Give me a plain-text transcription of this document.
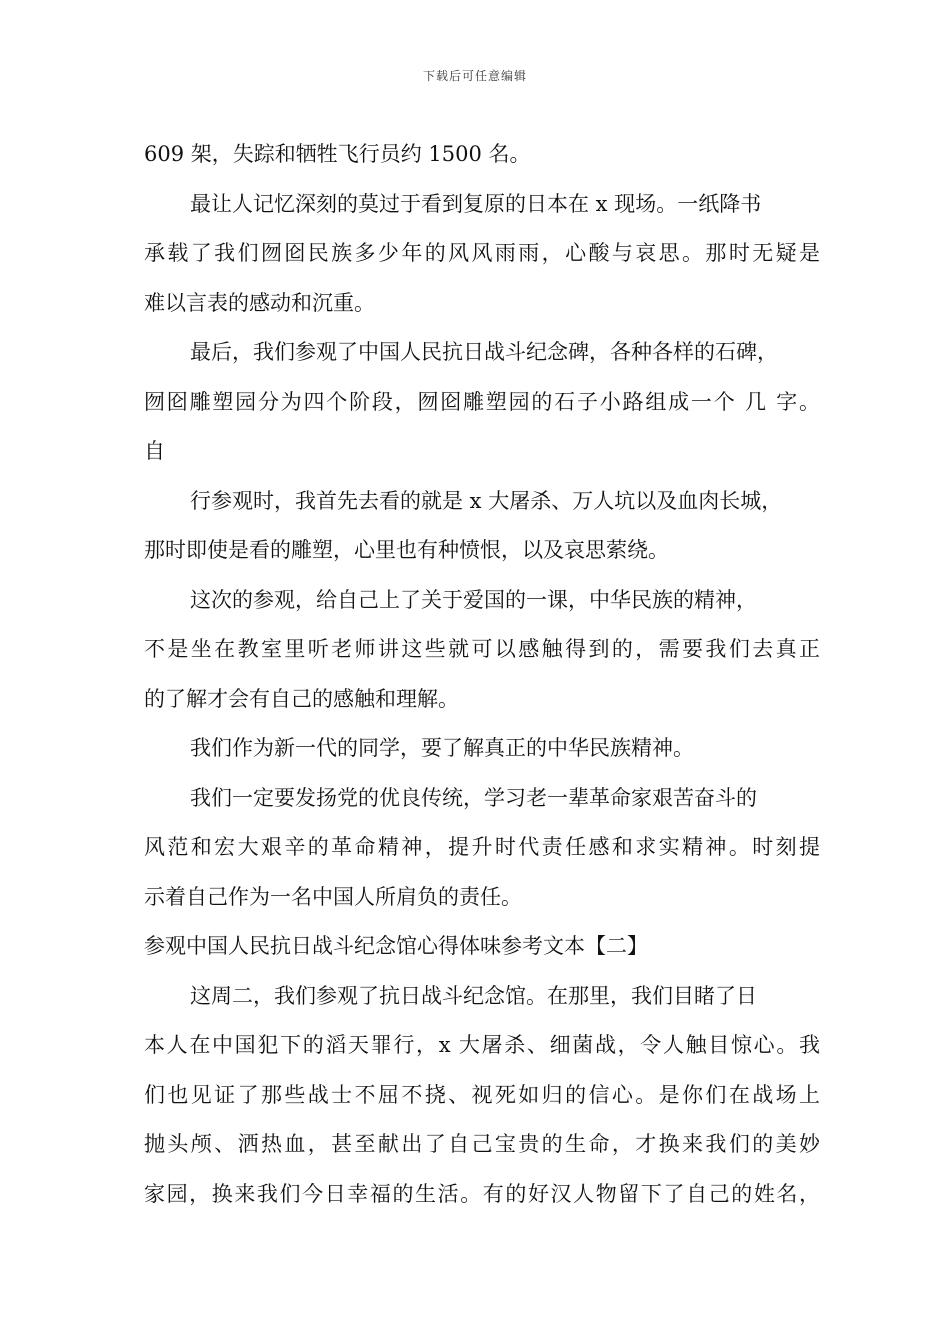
下载后可任意编辑
609 架，失踪和牺牲飞行员约 1500 名。
最让人记忆深刻的莫过于看到复原的日本在 x 现场。一纸降书
承载了我们囫囵民族多少年的风风雨雨，心酸与哀思。那时无疑是
难以言表的感动和沉重。
最后，我们参观了中国人民抗日战斗纪念碑，各种各样的石碑，
囫囵雕塑园分为四个阶段，囫囵雕塑园的石子小路组成一个 几 字。
自
行参观时，我首先去看的就是 x 大屠杀、万人坑以及血肉长城，
那时即使是看的雕塑，心里也有种愤恨，以及哀思萦绕。
这次的参观，给自己上了关于爱国的一课，中华民族的精神，
不是坐在教室里听老师讲这些就可以感触得到的，需要我们去真正
的了解才会有自己的感触和理解。
我们作为新一代的同学，要了解真正的中华民族精神。
我们一定要发扬党的优良传统，学习老一辈革命家艰苦奋斗的
风范和宏大艰辛的革命精神，提升时代责任感和求实精神。时刻提
示着自己作为一名中国人所肩负的责任。
参观中国人民抗日战斗纪念馆心得体味参考文本【二】
这周二，我们参观了抗日战斗纪念馆。在那里，我们目睹了日
本人在中国犯下的滔天罪行，x 大屠杀、细菌战，令人触目惊心。我
们也见证了那些战士不屈不挠、视死如归的信心。是你们在战场上
抛头颅、洒热血，甚至献出了自己宝贵的生命，才换来我们的美妙
家园，换来我们今日幸福的生活。有的好汉人物留下了自己的姓名，
